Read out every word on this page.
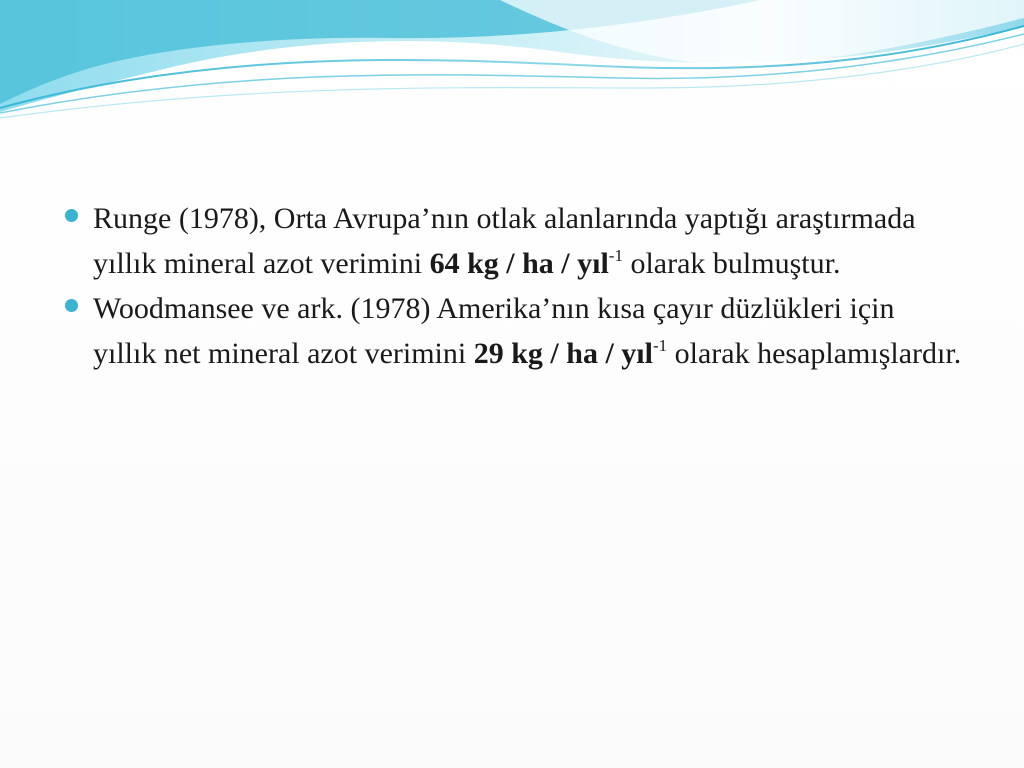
Runge (1978), Orta Avrupa’nın otlak alanlarında yaptığı araştırmada yıllık mineral azot verimini 64 kg / ha / yıl$^{-1}$ olarak bulmuştur.
Woodmansee ve ark. (1978) Amerika’nın kısa çayır düzlükleri için yıllık net mineral azot verimini 29 kg / ha / yıl$^{-1}$ olarak hesaplamışlardır.
